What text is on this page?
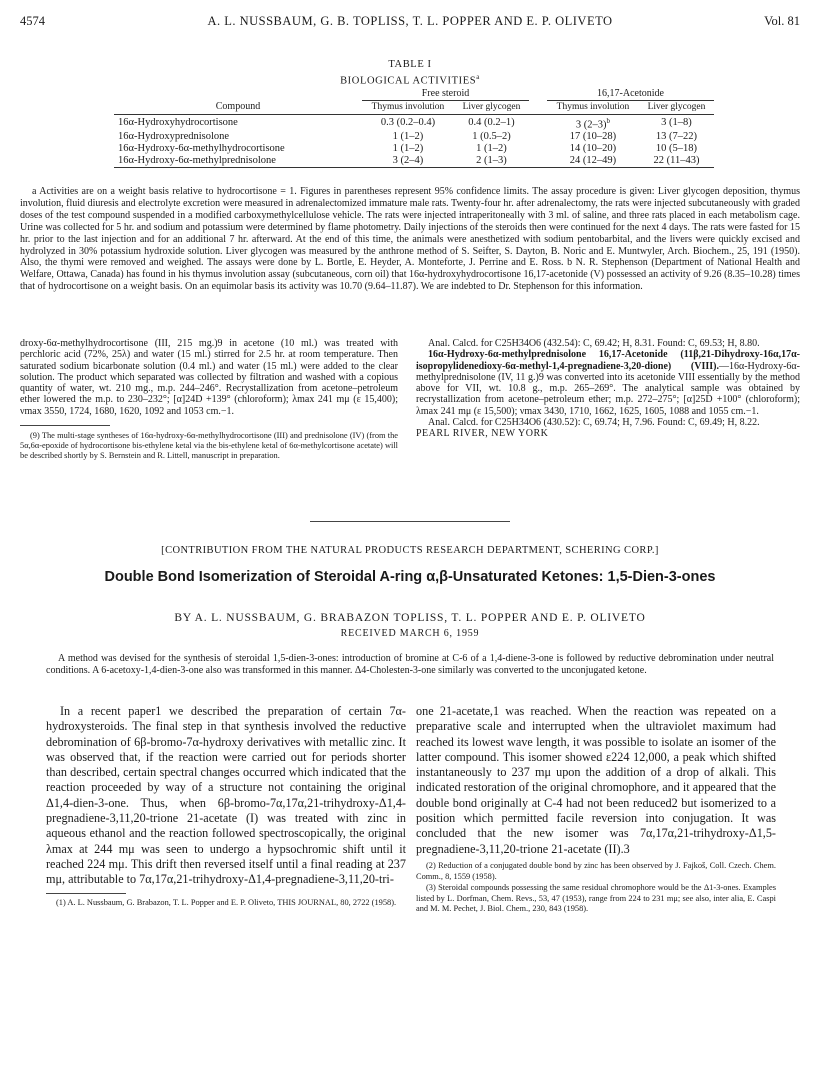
4574	A. L. NUSSBAUM, G. B. TOPLISS, T. L. POPPER AND E. P. OLIVETO	Vol. 81
TABLE I
BIOLOGICAL ACTIVITIES$^a$
	Free steroid			16,17-Acetonide	
Compound	Thymus involution	Liver glycogen		Thymus involution	Liver glycogen
16α-Hydroxyhydrocortisone	0.3 (0.2–0.4)	0.4 (0.2–1)		3 $(2-3)^b$	3 (1–8)
16α-Hydroxyprednisolone	1 (1–2)	1 (0.5–2)		17 (10–28)	13 (7–22)
16α-Hydroxy-6α-methylhydrocortisone	1 (1–2)	1 (1–2)		14 (10–20)	10 (5–18)
16α-Hydroxy-6α-methylprednisolone	3 (2–4)	2 (1–3)		24 (12–49)	22 (11–43)

a Activities are on a weight basis relative to hydrocortisone = 1. Figures in parentheses represent 95% confidence limits. The assay procedure is given: Liver glycogen deposition, thymus involution, fluid diuresis and electrolyte excretion were measured in adrenalectomized immature male rats. Twenty-four hr. after adrenalectomy, the rats were injected subcutaneously with graded doses of the test compound suspended in a modified carboxymethylcellulose vehicle. The rats were injected intraperitoneally with 3 ml. of saline, and three rats placed in each metabolism cage. Urine was collected for 5 hr. and sodium and potassium were determined by flame photometry. Daily injections of the steroids then were continued for the next 4 days. The rats were fasted for 15 hr. prior to the last injection and for an additional 7 hr. afterward. At the end of this time, the animals were anesthetized with sodium pentobarbital, and the livers were quickly excised and hydrolyzed in 30% potassium hydroxide solution. Liver glycogen was measured by the anthrone method of S. Seifter, S. Dayton, B. Noric and E. Muntwyler, Arch. Biochem., 25, 191 (1950). Also, the thymi were removed and weighed. The assays were done by L. Bortle, E. Heyder, A. Monteforte, J. Perrine and E. Ross. b N. R. Stephenson (Department of National Health and Welfare, Ottawa, Canada) has found in his thymus involution assay (subcutaneous, corn oil) that 16α-hydroxyhydrocortisone 16,17-acetonide (V) possessed an activity of 9.26 (8.35–10.28) times that of hydrocortisone on a weight basis. On an equimolar basis its activity was 10.70 (9.64–11.87). We are indebted to Dr. Stephenson for this information.

droxy-6α-methylhydrocortisone (III, 215 mg.)9 in acetone (10 ml.) was treated with perchloric acid (72%, 25λ) and water (15 ml.) stirred for 2.5 hr. at room temperature. Then saturated sodium bicarbonate solution (0.4 ml.) and water (15 ml.) were added to the clear solution. The product which separated was collected by filtration and washed with a copious quantity of water, wt. 210 mg., m.p. 244–246°. Recrystallization from acetone–petroleum ether lowered the m.p. to 230–232°; [α]24D +139° (chloroform); λmax 241 mμ (ε 15,400); νmax 3550, 1724, 1680, 1620, 1092 and 1053 cm.−1.

(9) The multi-stage syntheses of 16α-hydroxy-6α-methylhydrocortisone (III) and prednisolone (IV) (from the 5α,6α-epoxide of hydrocortisone bis-ethylene ketal via the bis-ethylene ketal of 6α-methylcortisone acetate) will be described shortly by S. Bernstein and R. Littell, manuscript in preparation.

Anal. Calcd. for C25H34O6 (432.54): C, 69.42; H, 8.31. Found: C, 69.53; H, 8.80.

16α-Hydroxy-6α-methylprednisolone 16,17-Acetonide (11β,21-Dihydroxy-16α,17α-isopropylidenedioxy-6α-methyl-1,4-pregnadiene-3,20-dione) (VIII).—16α-Hydroxy-6α-methylprednisolone (IV, 11 g.)9 was converted into its acetonide VIII essentially by the method above for VII, wt. 10.8 g., m.p. 265–269°. The analytical sample was obtained by recrystallization from acetone–petroleum ether; m.p. 272–275°; [α]25D +100° (chloroform); λmax 241 mμ (ε 15,500); νmax 3430, 1710, 1662, 1625, 1605, 1088 and 1055 cm.−1.

Anal. Calcd. for C25H34O6 (430.52): C, 69.74; H, 7.96. Found: C, 69.49; H, 8.22.

PEARL RIVER, NEW YORK

[CONTRIBUTION FROM THE NATURAL PRODUCTS RESEARCH DEPARTMENT, SCHERING CORP.]
Double Bond Isomerization of Steroidal A-ring α,β-Unsaturated Ketones: 1,5-Dien-3-ones
BY A. L. NUSSBAUM, G. BRABAZON TOPLISS, T. L. POPPER AND E. P. OLIVETO
RECEIVED MARCH 6, 1959

A method was devised for the synthesis of steroidal 1,5-dien-3-ones: introduction of bromine at C-6 of a 1,4-diene-3-one is followed by reductive debromination under neutral conditions. A 6-acetoxy-1,4-dien-3-one also was transformed in this manner. Δ4-Cholesten-3-one similarly was converted to the unconjugated ketone.

In a recent paper1 we described the preparation of certain 7α-hydroxysteroids. The final step in that synthesis involved the reductive debromination of 6β-bromo-7α-hydroxy derivatives with metallic zinc. It was observed that, if the reaction were carried out for periods shorter than described, certain spectral changes occurred which indicated that the reaction proceeded by way of a structure not containing the original Δ1,4-dien-3-one. Thus, when 6β-bromo-7α,17α,21-trihydroxy-Δ1,4-pregnadiene-3,11,20-trione 21-acetate (I) was treated with zinc in aqueous ethanol and the reaction followed spectroscopically, the original λmax at 244 mμ was seen to undergo a hypsochromic shift until it reached 224 mμ. This drift then reversed itself until a final reading at 237 mμ, attributable to 7α,17α,21-trihydroxy-Δ1,4-pregnadiene-3,11,20-tri-

(1) A. L. Nussbaum, G. Brabazon, T. L. Popper and E. P. Oliveto, THIS JOURNAL, 80, 2722 (1958).

one 21-acetate,1 was reached. When the reaction was repeated on a preparative scale and interrupted when the ultraviolet maximum had reached its lowest wave length, it was possible to isolate an isomer of the latter compound. This isomer showed ε224 12,000, a peak which shifted instantaneously to 237 mμ upon the addition of a drop of alkali. This indicated restoration of the original chromophore, and it appeared that the double bond originally at C-4 had not been reduced2 but isomerized to a position which permitted facile reversion into conjugation. It was concluded that the new isomer was 7α,17α,21-trihydroxy-Δ1,5-pregnadiene-3,11,20-trione 21-acetate (II).3

(2) Reduction of a conjugated double bond by zinc has been observed by J. Fajkoš, Coll. Czech. Chem. Comm., 8, 1559 (1958).

(3) Steroidal compounds possessing the same residual chromophore would be the Δ1-3-ones. Examples listed by L. Dorfman, Chem. Revs., 53, 47 (1953), range from 224 to 231 mμ; see also, inter alia, E. Caspi and M. M. Pechet, J. Biol. Chem., 230, 843 (1958).
